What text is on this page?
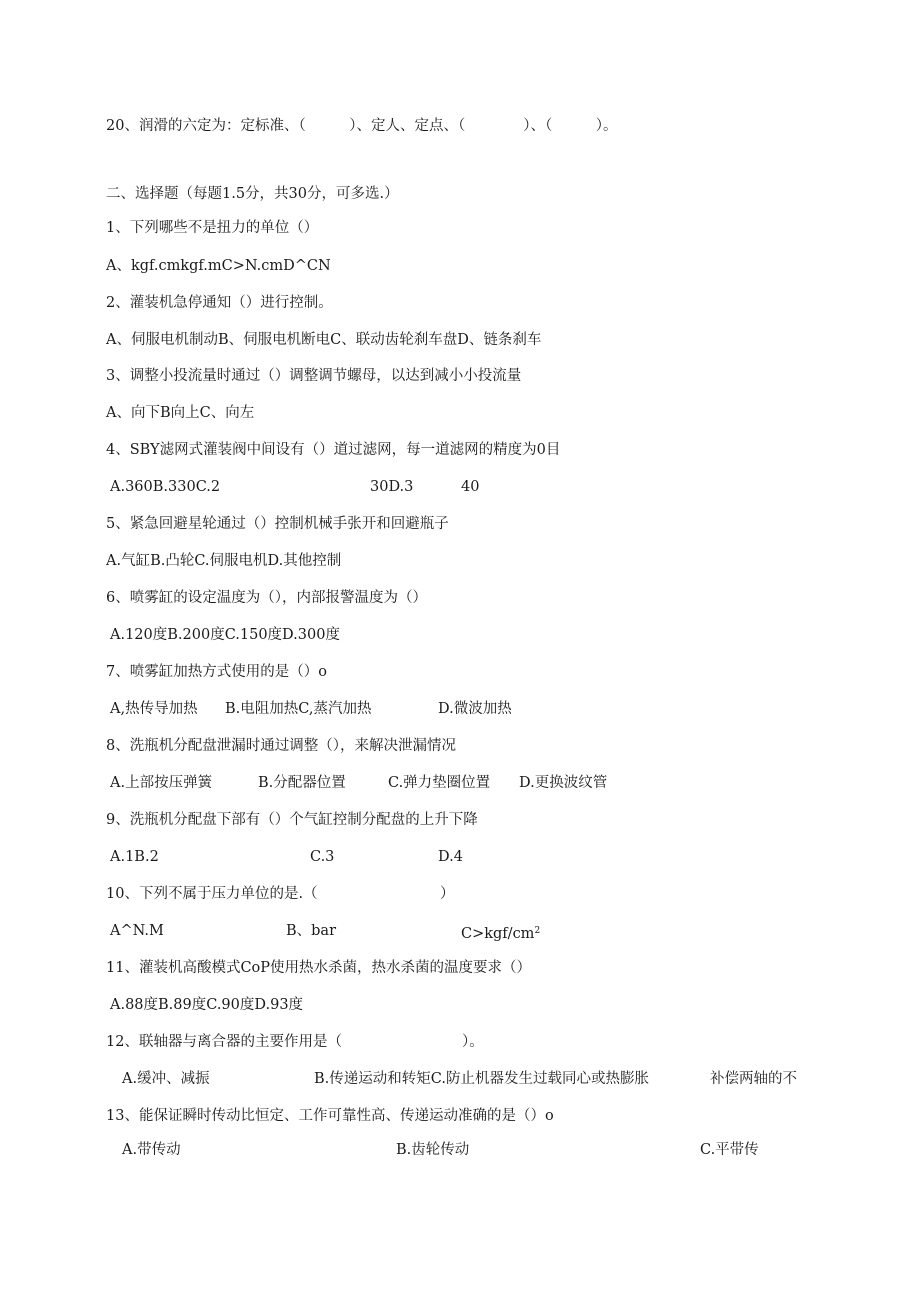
20、润滑的六定为：定标准、（　　　）、定人、定点、（　　　　）、（　　　）。
二、选择题（每题1.5分，共30分，可多选.）
1、下列哪些不是扭力的单位（）
A、kgf.cmkgf.mC>N.cmD^CN
2、灌装机急停通知（）进行控制。
A、伺服电机制动B、伺服电机断电C、联动齿轮刹车盘D、链条刹车
3、调整小投流量时通过（）调整调节螺母，以达到减小小投流量
A、向下B向上C、向左
4、SBY滤网式灌装阀中间设有（）道过滤网，每一道滤网的精度为0目
A.360B.330C.2	30D.3	40
5、紧急回避星轮通过（）控制机械手张开和回避瓶子
A.气缸B.凸轮C.伺服电机D.其他控制
6、喷雾缸的设定温度为（），内部报警温度为（）
A.120度B.200度C.150度D.300度
7、喷雾缸加热方式使用的是（）o
A,热传导加热 B.电阻加热C,蒸汽加热	D.微波加热
8、洗瓶机分配盘泄漏时通过调整（），来解决泄漏情况
A.上部按压弹簧	B.分配器位置	C.弹力垫圈位置 D.更换波纹管
9、洗瓶机分配盘下部有（）个气缸控制分配盘的上升下降
A.1B.2	C.3	D.4
10、下列不属于压力单位的是.（	）
A^N.M	B、bar	$C>kgf/cm^2$
11、灌装机高酸模式CoP使用热水杀菌，热水杀菌的温度要求（）
A.88度B.89度C.90度D.93度
12、联轴器与离合器的主要作用是（	）。
A.缓冲、减振	B.传递运动和转矩C.防止机器发生过载同心或热膨胀	补偿两轴的不
13、能保证瞬时传动比恒定、工作可靠性高、传递运动准确的是（）o
A.带传动	B.齿轮传动	C.平带传
